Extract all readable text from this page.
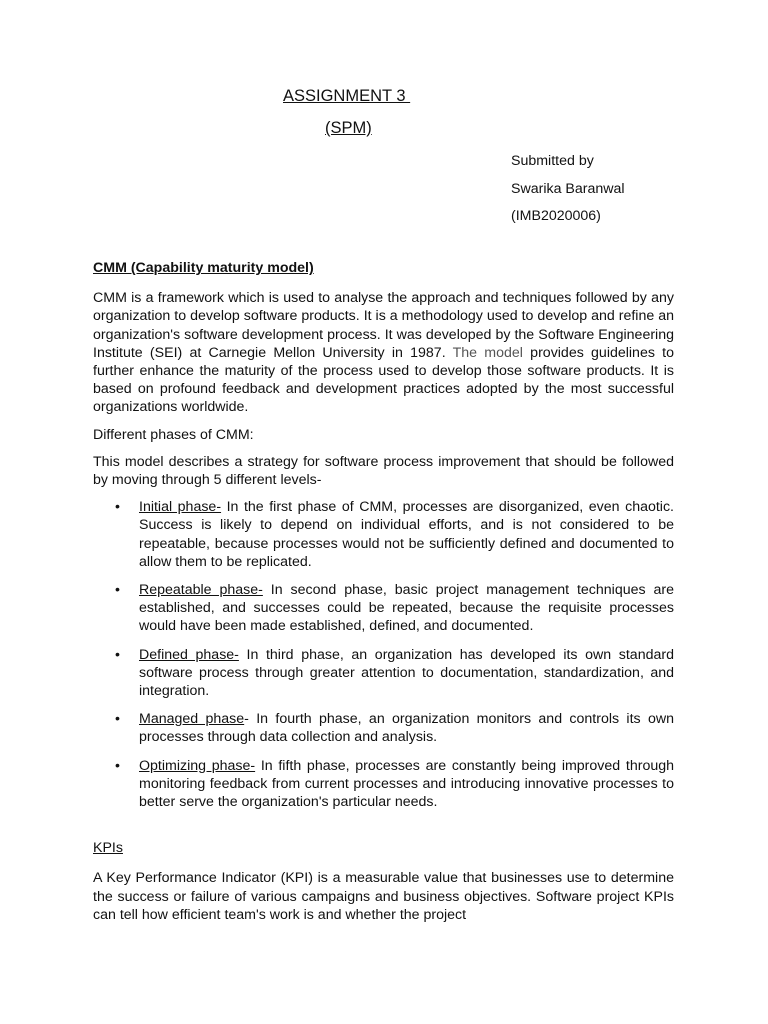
ASSIGNMENT 3
(SPM)
Submitted by
Swarika Baranwal
(IMB2020006)
CMM (Capability maturity model)

CMM is a framework which is used to analyse the approach and techniques followed by any organization to develop software products. It is a methodology used to develop and refine an organization's software development process. It was developed by the Software Engineering Institute (SEI) at Carnegie Mellon University in 1987. The model provides guidelines to further enhance the maturity of the process used to develop those software products. It is based on profound feedback and development practices adopted by the most successful organizations worldwide.

Different phases of CMM:

This model describes a strategy for software process improvement that should be followed by moving through 5 different levels-

• Initial phase- In the first phase of CMM, processes are disorganized, even chaotic. Success is likely to depend on individual efforts, and is not considered to be repeatable, because processes would not be sufficiently defined and documented to allow them to be replicated.
• Repeatable phase- In second phase, basic project management techniques are established, and successes could be repeated, because the requisite processes would have been made established, defined, and documented.
• Defined phase- In third phase, an organization has developed its own standard software process through greater attention to documentation, standardization, and integration.
• Managed phase- In fourth phase, an organization monitors and controls its own processes through data collection and analysis.
• Optimizing phase- In fifth phase, processes are constantly being improved through monitoring feedback from current processes and introducing innovative processes to better serve the organization's particular needs.
KPIs

A Key Performance Indicator (KPI) is a measurable value that businesses use to determine the success or failure of various campaigns and business objectives. Software project KPIs can tell how efficient team's work is and whether the project
